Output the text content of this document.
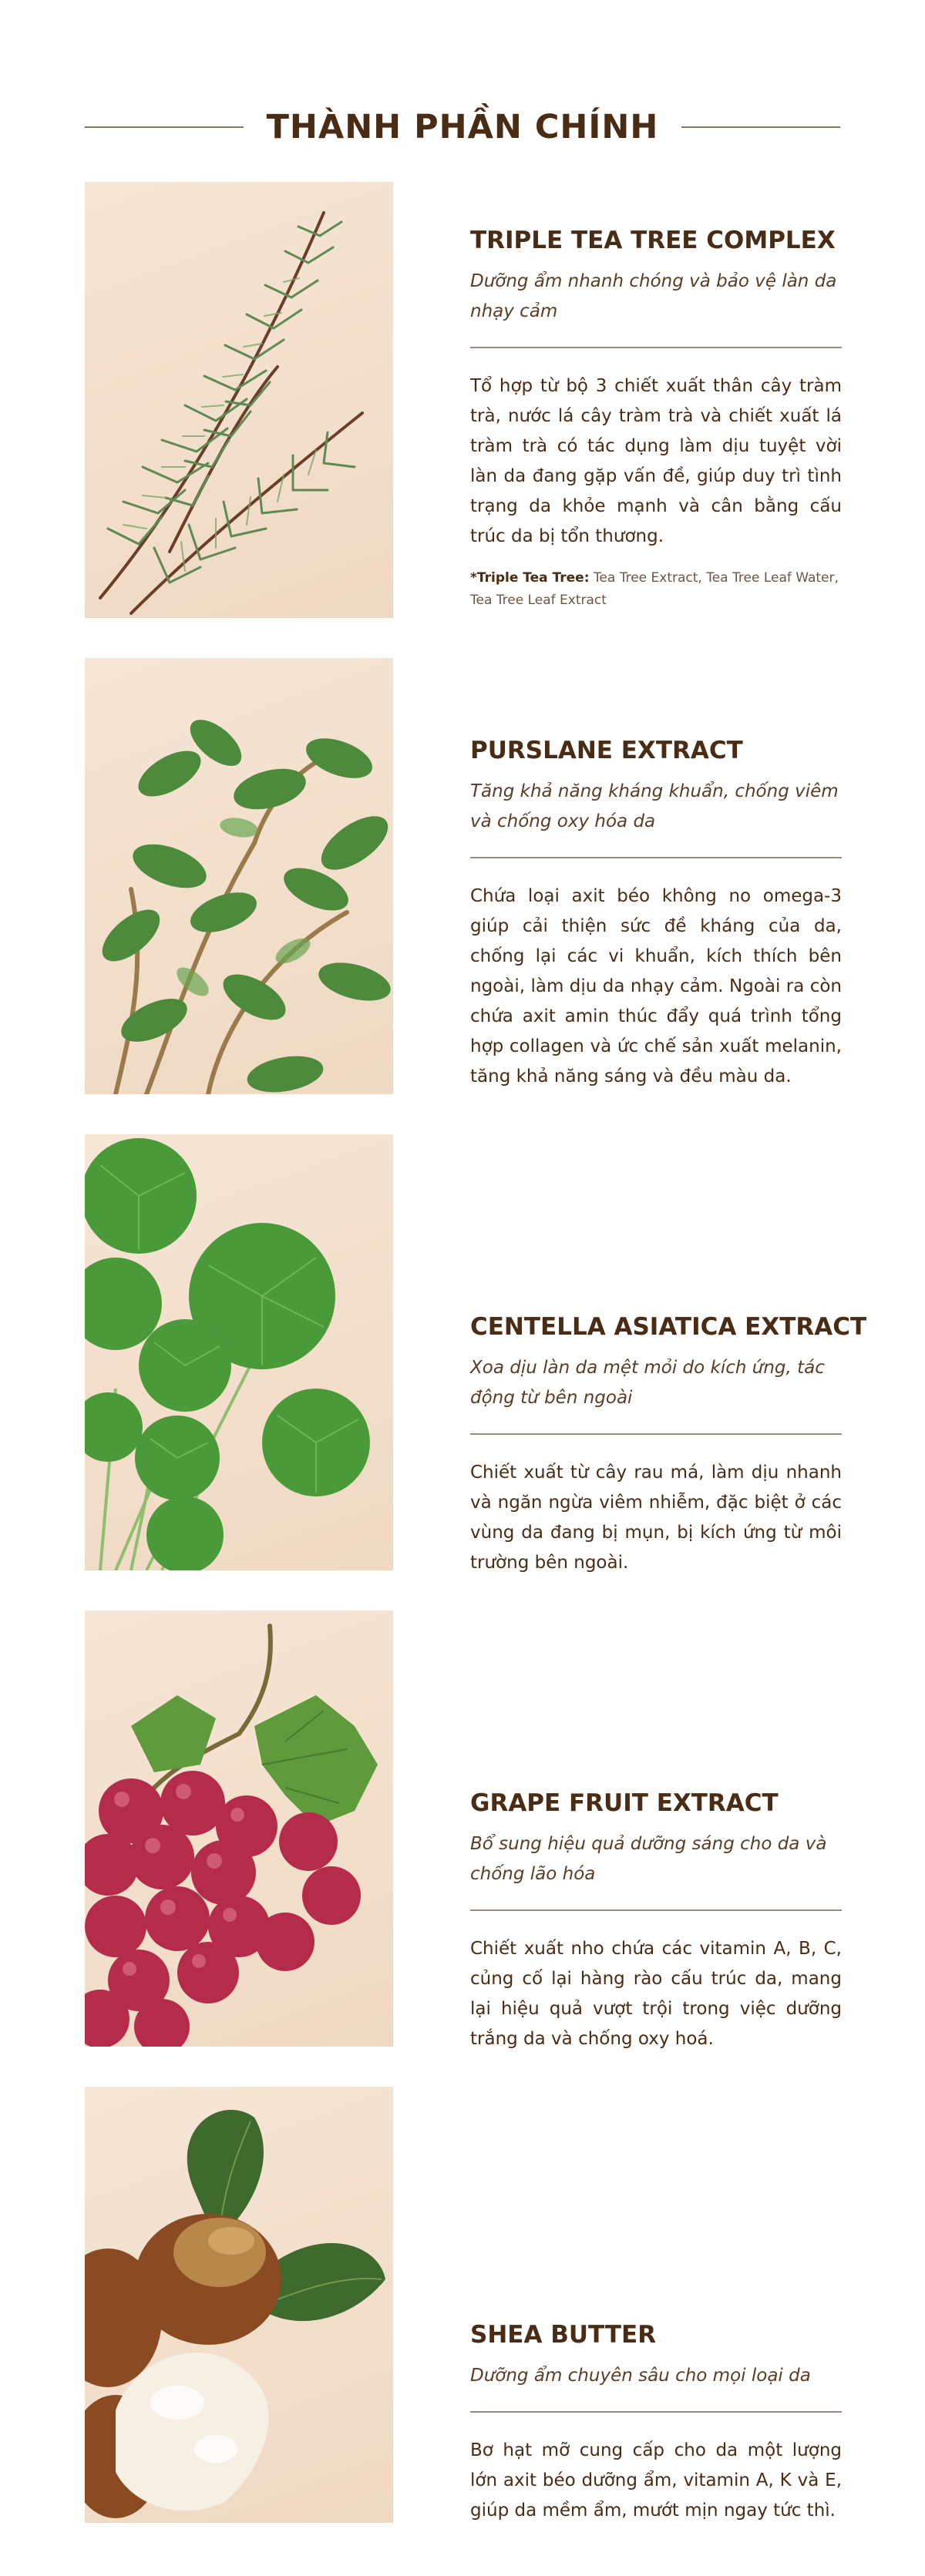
THÀNH PHẦN CHÍNH
TRIPLE TEA TREE COMPLEX
Dưỡng ẩm nhanh chóng và bảo vệ làn da nhạy cảm
Tổ hợp từ bộ 3 chiết xuất thân cây tràm trà, nước lá cây tràm trà và chiết xuất lá tràm trà có tác dụng làm dịu tuyệt vời làn da đang gặp vấn đề, giúp duy trì tình trạng da khỏe mạnh và cân bằng cấu trúc da bị tổn thương.
*Triple Tea Tree: Tea Tree Extract, Tea Tree Leaf Water, Tea Tree Leaf Extract
PURSLANE EXTRACT
Tăng khả năng kháng khuẩn, chống viêm và chống oxy hóa da
Chứa loại axit béo không no omega-3 giúp cải thiện sức đề kháng của da, chống lại các vi khuẩn, kích thích bên ngoài, làm dịu da nhạy cảm. Ngoài ra còn chứa axit amin thúc đẩy quá trình tổng hợp collagen và ức chế sản xuất melanin, tăng khả năng sáng và đều màu da.
CENTELLA ASIATICA EXTRACT
Xoa dịu làn da mệt mỏi do kích ứng, tác động từ bên ngoài
Chiết xuất từ cây rau má, làm dịu nhanh và ngăn ngừa viêm nhiễm, đặc biệt ở các vùng da đang bị mụn, bị kích ứng từ môi trường bên ngoài.
GRAPE FRUIT EXTRACT
Bổ sung hiệu quả dưỡng sáng cho da và chống lão hóa
Chiết xuất nho chứa các vitamin A, B, C, củng cố lại hàng rào cấu trúc da, mang lại hiệu quả vượt trội trong việc dưỡng trắng da và chống oxy hoá.
SHEA BUTTER
Dưỡng ẩm chuyên sâu cho mọi loại da
Bơ hạt mỡ cung cấp cho da một lượng lớn axit béo dưỡng ẩm, vitamin A, K và E, giúp da mềm ẩm, mướt mịn ngay tức thì.
